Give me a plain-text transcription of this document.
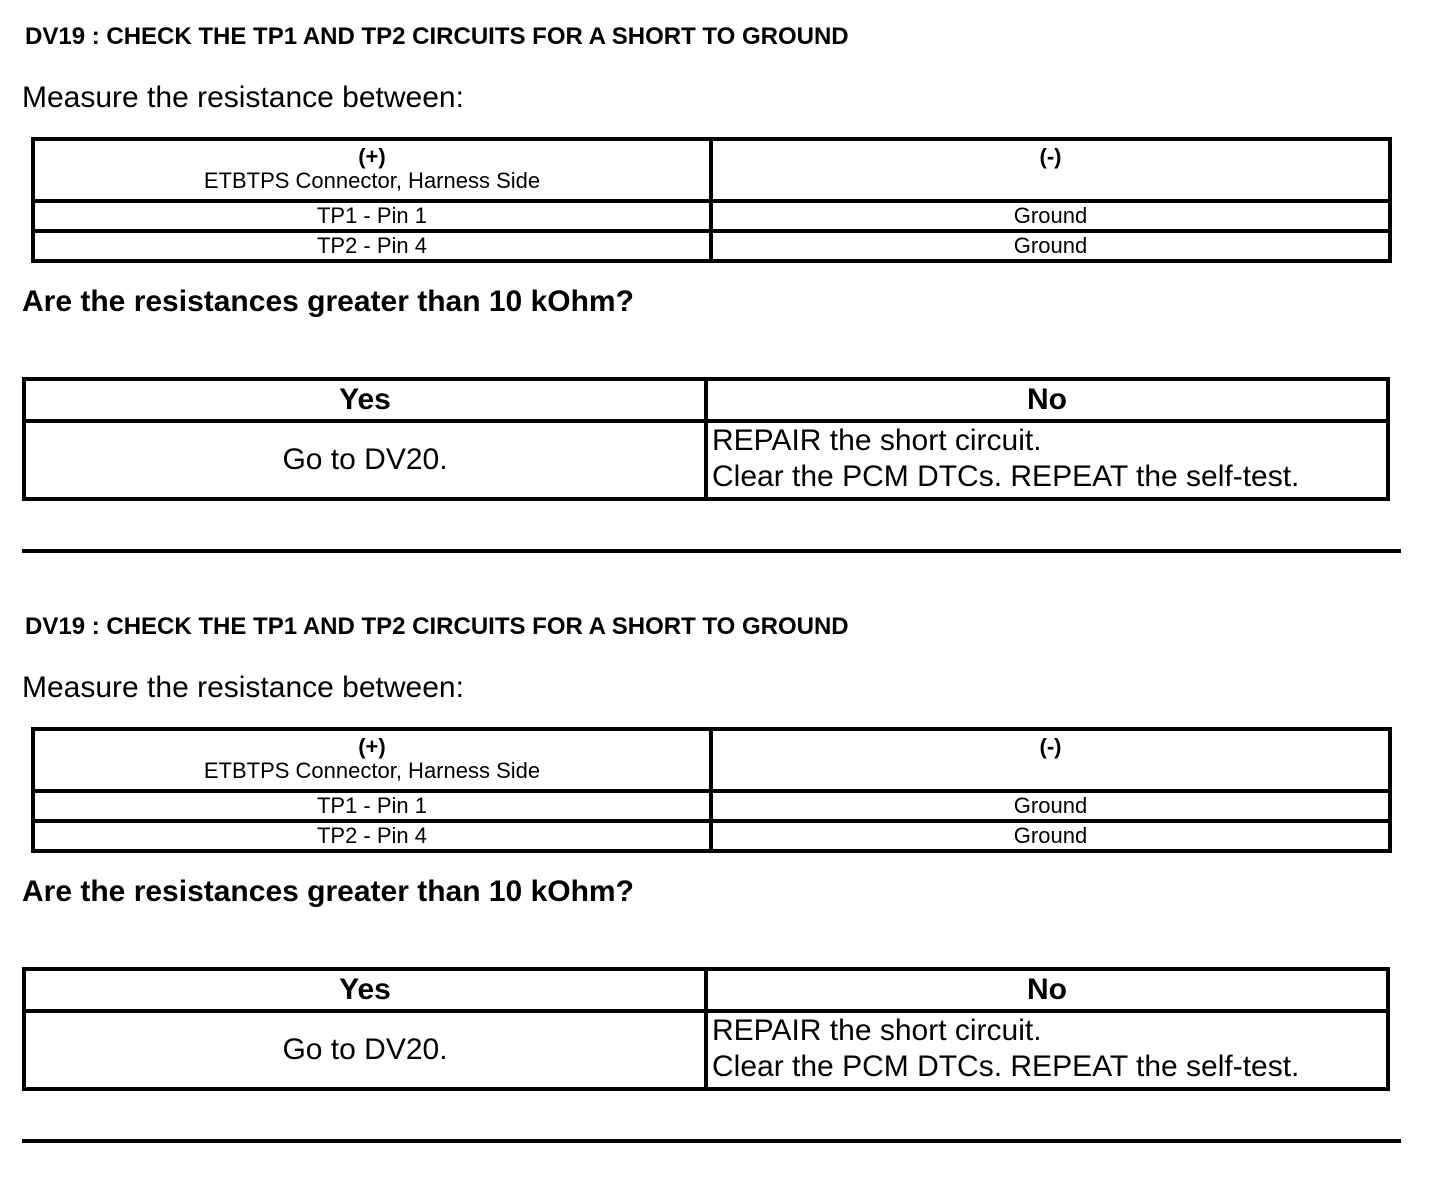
DV19 : CHECK THE TP1 AND TP2 CIRCUITS FOR A SHORT TO GROUND
Measure the resistance between:
(+)
ETBTPS Connector, Harness Side	(-)

TP1 - Pin 1	Ground
TP2 - Pin 4	Ground
Are the resistances greater than 10 kOhm?
Yes	No
Go to DV20.	REPAIR the short circuit.
Clear the PCM DTCs. REPEAT the self-test.
DV19 : CHECK THE TP1 AND TP2 CIRCUITS FOR A SHORT TO GROUND
Measure the resistance between:
(+)
ETBTPS Connector, Harness Side	(-)

TP1 - Pin 1	Ground
TP2 - Pin 4	Ground
Are the resistances greater than 10 kOhm?
Yes	No
Go to DV20.	REPAIR the short circuit.
Clear the PCM DTCs. REPEAT the self-test.
